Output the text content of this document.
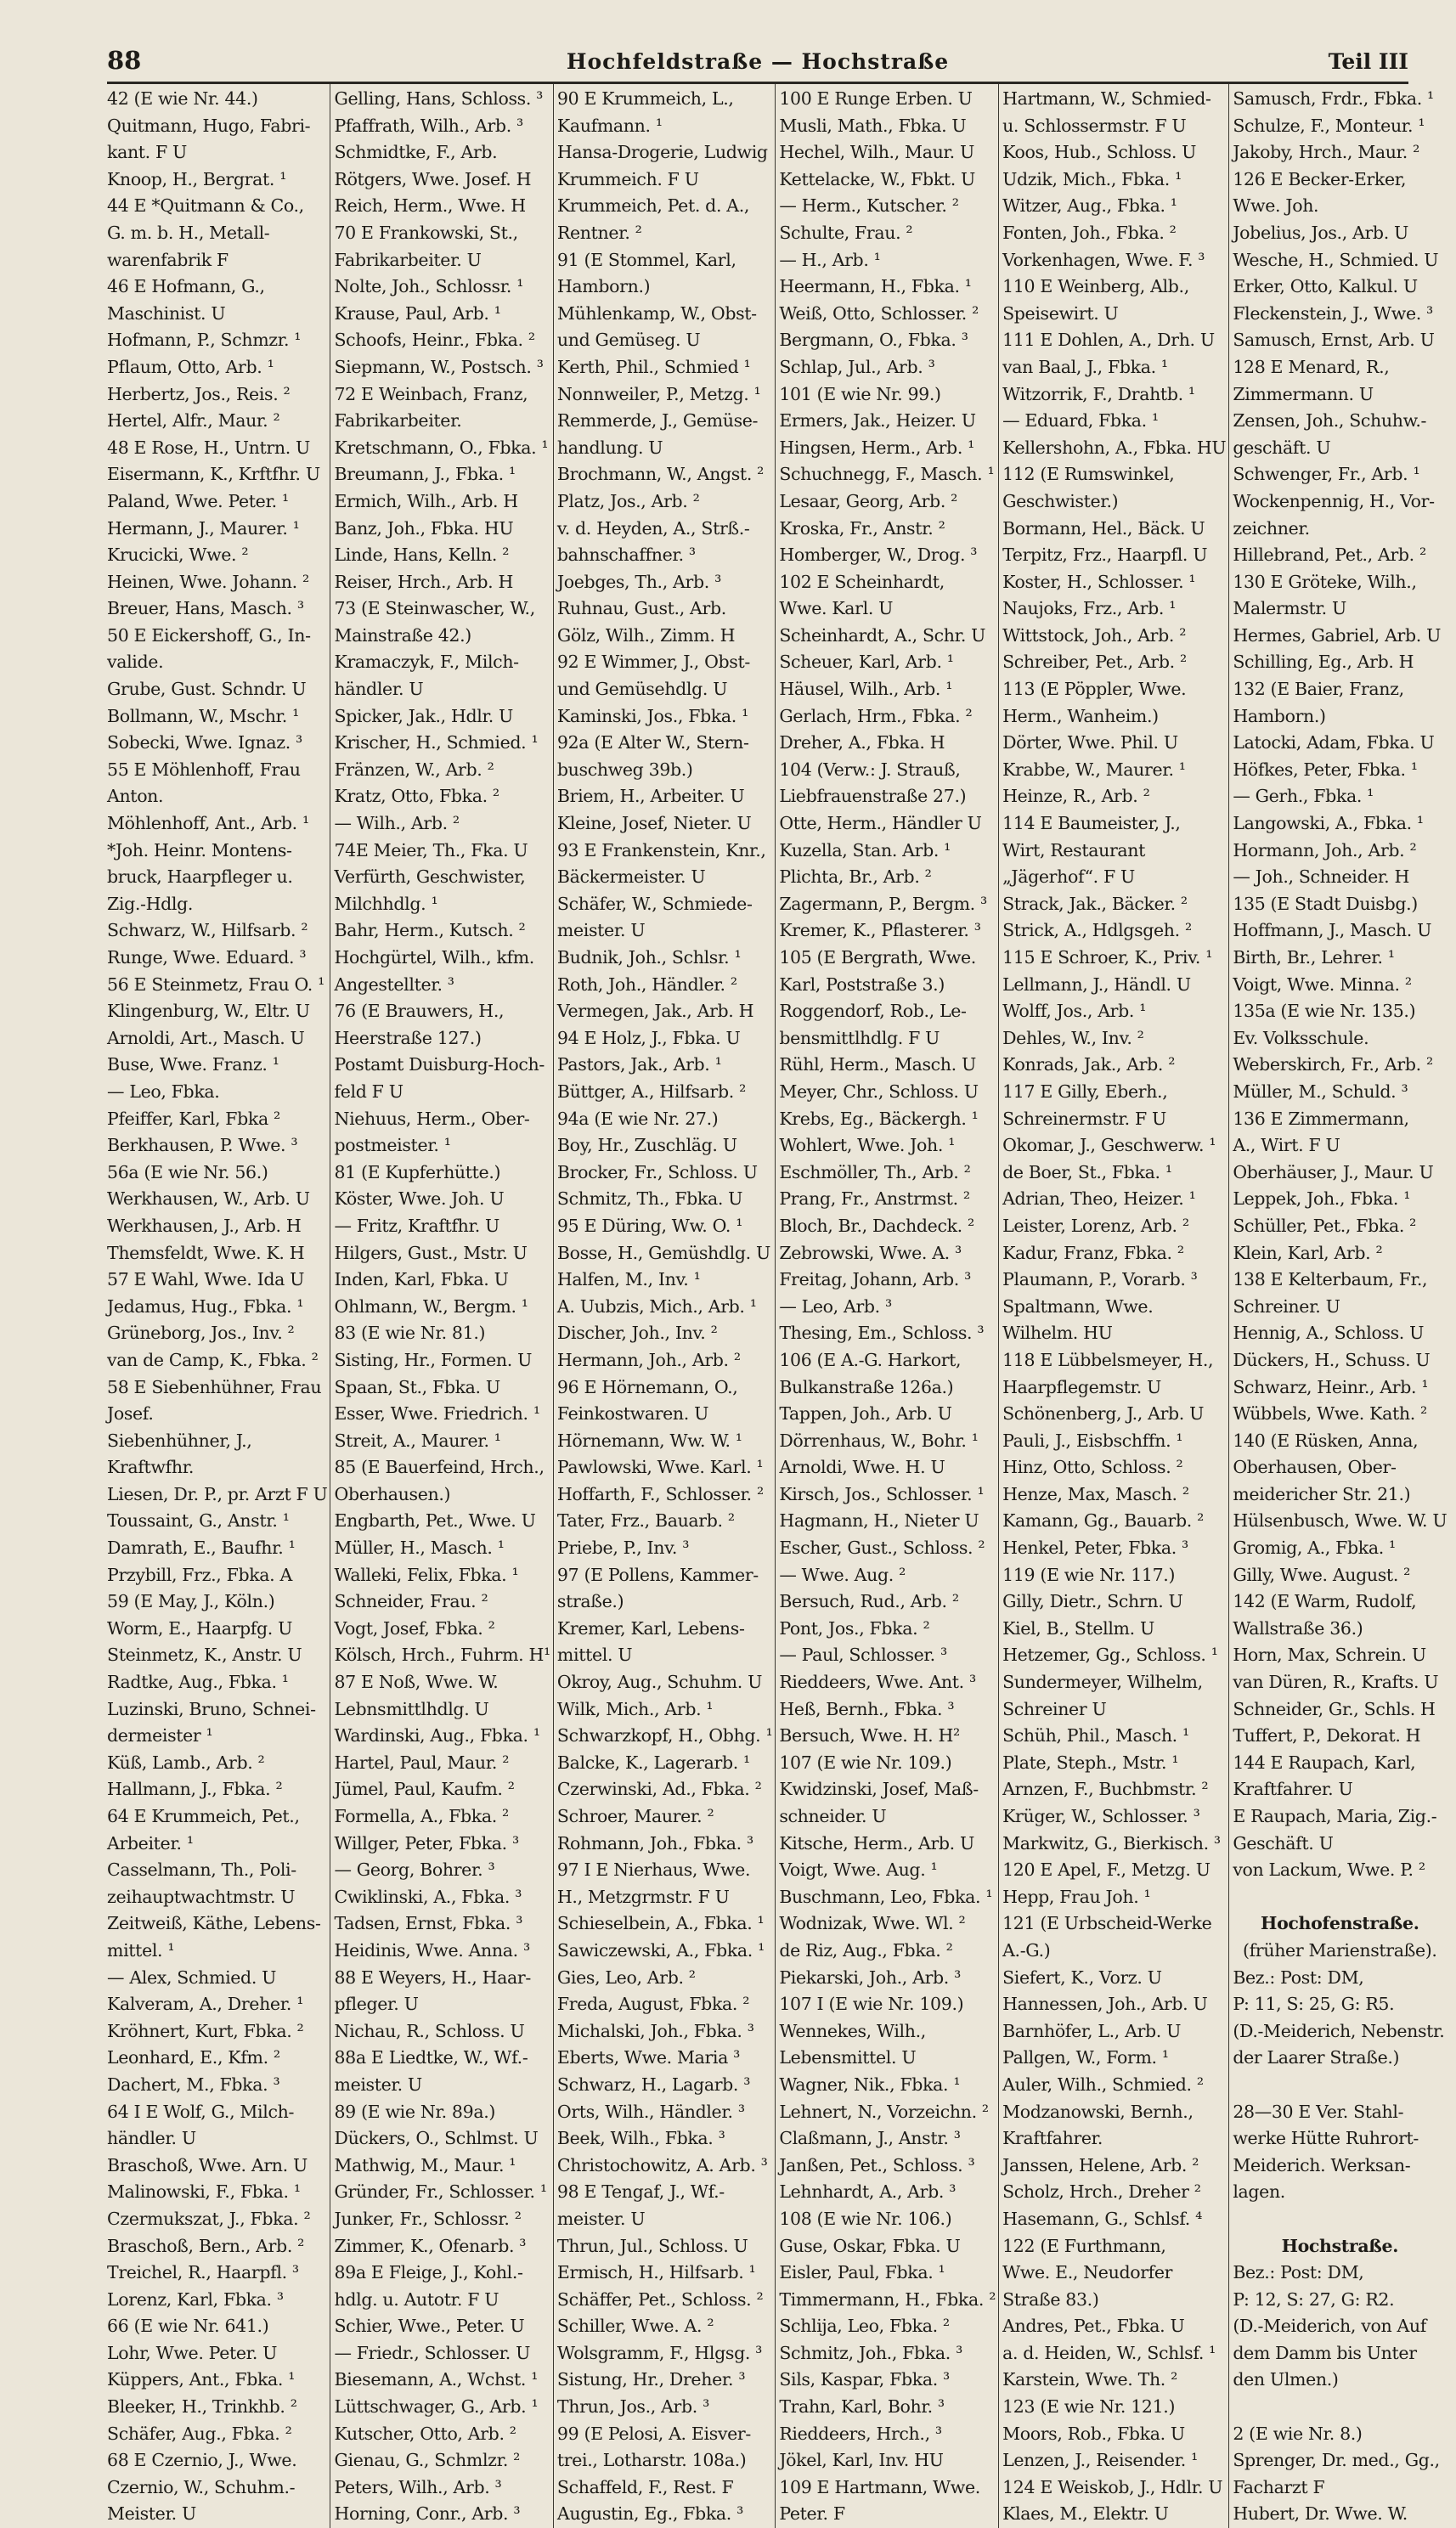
88	Hochfeldstraße — Hochstraße	Teil III
42 (E wie Nr. 44.)
Quitmann, Hugo, Fabri-
kant. F U
Knoop, H., Bergrat. ¹
44 E *Quitmann & Co.,
G. m. b. H., Metall-
warenfabrik F
46 E Hofmann, G.,
Maschinist. U
Hofmann, P., Schmzr. ¹
Pflaum, Otto, Arb. ¹
Herbertz, Jos., Reis. ²
Hertel, Alfr., Maur. ²
48 E Rose, H., Untrn. U
Eisermann, K., Krftfhr. U
Paland, Wwe. Peter. ¹
Hermann, J., Maurer. ¹
Krucicki, Wwe. ²
Heinen, Wwe. Johann. ²
Breuer, Hans, Masch. ³
50 E Eickershoff, G., In-
valide.
Grube, Gust. Schndr. U
Bollmann, W., Mschr. ¹
Sobecki, Wwe. Ignaz. ³
55 E Möhlenhoff, Frau
Anton.
Möhlenhoff, Ant., Arb. ¹
*Joh. Heinr. Montens-
bruck, Haarpfleger u.
Zig.-Hdlg.
Schwarz, W., Hilfsarb. ²
Runge, Wwe. Eduard. ³
56 E Steinmetz, Frau O. ¹
Klingenburg, W., Eltr. U
Arnoldi, Art., Masch. U
Buse, Wwe. Franz. ¹
— Leo, Fbka.
Pfeiffer, Karl, Fbka ²
Berkhausen, P. Wwe. ³
56a (E wie Nr. 56.)
Werkhausen, W., Arb. U
Werkhausen, J., Arb. H
Themsfeldt, Wwe. K. H
57 E Wahl, Wwe. Ida U
Jedamus, Hug., Fbka. ¹
Grüneborg, Jos., Inv. ²
van de Camp, K., Fbka. ²
58 E Siebenhühner, Frau
Josef.
Siebenhühner, J.,
Kraftwfhr.
Liesen, Dr. P., pr. Arzt F U
Toussaint, G., Anstr. ¹
Damrath, E., Baufhr. ¹
Przybill, Frz., Fbka. A
59 (E May, J., Köln.)
Worm, E., Haarpfg. U
Steinmetz, K., Anstr. U
Radtke, Aug., Fbka. ¹
Luzinski, Bruno, Schnei-
dermeister ¹
Küß, Lamb., Arb. ²
Hallmann, J., Fbka. ²
64 E Krummeich, Pet.,
Arbeiter. ¹
Casselmann, Th., Poli-
zeihauptwachtmstr. U
Zeitweiß, Käthe, Lebens-
mittel. ¹
— Alex, Schmied. U
Kalveram, A., Dreher. ¹
Kröhnert, Kurt, Fbka. ²
Leonhard, E., Kfm. ²
Dachert, M., Fbka. ³
64 I E Wolf, G., Milch-
händler. U
Braschoß, Wwe. Arn. U
Malinowski, F., Fbka. ¹
Czermukszat, J., Fbka. ²
Braschoß, Bern., Arb. ²
Treichel, R., Haarpfl. ³
Lorenz, Karl, Fbka. ³
66 (E wie Nr. 641.)
Lohr, Wwe. Peter. U
Küppers, Ant., Fbka. ¹
Bleeker, H., Trinkhb. ²
Schäfer, Aug., Fbka. ²
68 E Czernio, J., Wwe.
Czernio, W., Schuhm.-
Meister. U
Gelling, Hans, Schloss. ³
Pfaffrath, Wilh., Arb. ³
Schmidtke, F., Arb.
Rötgers, Wwe. Josef. H
Reich, Herm., Wwe. H
70 E Frankowski, St.,
Fabrikarbeiter. U
Nolte, Joh., Schlossr. ¹
Krause, Paul, Arb. ¹
Schoofs, Heinr., Fbka. ²
Siepmann, W., Postsch. ³
72 E Weinbach, Franz,
Fabrikarbeiter.
Kretschmann, O., Fbka. ¹
Breumann, J., Fbka. ¹
Ermich, Wilh., Arb. H
Banz, Joh., Fbka. HU
Linde, Hans, Kelln. ²
Reiser, Hrch., Arb. H
73 (E Steinwascher, W.,
Mainstraße 42.)
Kramaczyk, F., Milch-
händler. U
Spicker, Jak., Hdlr. U
Krischer, H., Schmied. ¹
Fränzen, W., Arb. ²
Kratz, Otto, Fbka. ²
— Wilh., Arb. ²
74E Meier, Th., Fka. U
Verfürth, Geschwister,
Milchhdlg. ¹
Bahr, Herm., Kutsch. ²
Hochgürtel, Wilh., kfm.
Angestellter. ³
76 (E Brauwers, H.,
Heerstraße 127.)
Postamt Duisburg-Hoch-
feld F U
Niehuus, Herm., Ober-
postmeister. ¹
81 (E Kupferhütte.)
Köster, Wwe. Joh. U
— Fritz, Kraftfhr. U
Hilgers, Gust., Mstr. U
Inden, Karl, Fbka. U
Ohlmann, W., Bergm. ¹
83 (E wie Nr. 81.)
Sisting, Hr., Formen. U
Spaan, St., Fbka. U
Esser, Wwe. Friedrich. ¹
Streit, A., Maurer. ¹
85 (E Bauerfeind, Hrch.,
Oberhausen.)
Engbarth, Pet., Wwe. U
Müller, H., Masch. ¹
Walleki, Felix, Fbka. ¹
Schneider, Frau. ²
Vogt, Josef, Fbka. ²
Kölsch, Hrch., Fuhrm. H¹
87 E Noß, Wwe. W.
Lebnsmittlhdlg. U
Wardinski, Aug., Fbka. ¹
Hartel, Paul, Maur. ²
Jümel, Paul, Kaufm. ²
Formella, A., Fbka. ²
Willger, Peter, Fbka. ³
— Georg, Bohrer. ³
Cwiklinski, A., Fbka. ³
Tadsen, Ernst, Fbka. ³
Heidinis, Wwe. Anna. ³
88 E Weyers, H., Haar-
pfleger. U
Nichau, R., Schloss. U
88a E Liedtke, W., Wf.-
meister. U
89 (E wie Nr. 89a.)
Dückers, O., Schlmst. U
Mathwig, M., Maur. ¹
Gründer, Fr., Schlosser. ¹
Junker, Fr., Schlossr. ²
Zimmer, K., Ofenarb. ³
89a E Fleige, J., Kohl.-
hdlg. u. Autotr. F U
Schier, Wwe., Peter. U
— Friedr., Schlosser. U
Biesemann, A., Wchst. ¹
Lüttschwager, G., Arb. ¹
Kutscher, Otto, Arb. ²
Gienau, G., Schmlzr. ²
Peters, Wilh., Arb. ³
Horning, Conr., Arb. ³
90 E Krummeich, L.,
Kaufmann. ¹
Hansa-Drogerie, Ludwig
Krummeich. F U
Krummeich, Pet. d. A.,
Rentner. ²
91 (E Stommel, Karl,
Hamborn.)
Mühlenkamp, W., Obst-
und Gemüseg. U
Kerth, Phil., Schmied ¹
Nonnweiler, P., Metzg. ¹
Remmerde, J., Gemüse-
handlung. U
Brochmann, W., Angst. ²
Platz, Jos., Arb. ²
v. d. Heyden, A., Strß.-
bahnschaffner. ³
Joebges, Th., Arb. ³
Ruhnau, Gust., Arb.
Gölz, Wilh., Zimm. H
92 E Wimmer, J., Obst-
und Gemüsehdlg. U
Kaminski, Jos., Fbka. ¹
92a (E Alter W., Stern-
buschweg 39b.)
Briem, H., Arbeiter. U
Kleine, Josef, Nieter. U
93 E Frankenstein, Knr.,
Bäckermeister. U
Schäfer, W., Schmiede-
meister. U
Budnik, Joh., Schlsr. ¹
Roth, Joh., Händler. ²
Vermegen, Jak., Arb. H
94 E Holz, J., Fbka. U
Pastors, Jak., Arb. ¹
Büttger, A., Hilfsarb. ²
94a (E wie Nr. 27.)
Boy, Hr., Zuschläg. U
Brocker, Fr., Schloss. U
Schmitz, Th., Fbka. U
95 E Düring, Ww. O. ¹
Bosse, H., Gemüshdlg. U
Halfen, M., Inv. ¹
A. Uubzis, Mich., Arb. ¹
Discher, Joh., Inv. ²
Hermann, Joh., Arb. ²
96 E Hörnemann, O.,
Feinkostwaren. U
Hörnemann, Ww. W. ¹
Pawlowski, Wwe. Karl. ¹
Hoffarth, F., Schlosser. ²
Tater, Frz., Bauarb. ²
Priebe, P., Inv. ³
97 (E Pollens, Kammer-
straße.)
Kremer, Karl, Lebens-
mittel. U
Okroy, Aug., Schuhm. U
Wilk, Mich., Arb. ¹
Schwarzkopf, H., Obhg. ¹
Balcke, K., Lagerarb. ¹
Czerwinski, Ad., Fbka. ²
Schroer, Maurer. ²
Rohmann, Joh., Fbka. ³
97 I E Nierhaus, Wwe.
H., Metzgrmstr. F U
Schieselbein, A., Fbka. ¹
Sawiczewski, A., Fbka. ¹
Gies, Leo, Arb. ²
Freda, August, Fbka. ²
Michalski, Joh., Fbka. ³
Eberts, Wwe. Maria ³
Schwarz, H., Lagarb. ³
Orts, Wilh., Händler. ³
Beek, Wilh., Fbka. ³
Christochowitz, A. Arb. ³
98 E Tengaf, J., Wf.-
meister. U
Thrun, Jul., Schloss. U
Ermisch, H., Hilfsarb. ¹
Schäffer, Pet., Schloss. ²
Schiller, Wwe. A. ²
Wolsgramm, F., Hlgsg. ³
Sistung, Hr., Dreher. ³
Thrun, Jos., Arb. ³
99 (E Pelosi, A. Eisver-
trei., Lotharstr. 108a.)
Schaffeld, F., Rest. F
Augustin, Eg., Fbka. ³
100 E Runge Erben. U
Musli, Math., Fbka. U
Hechel, Wilh., Maur. U
Kettelacke, W., Fbkt. U
— Herm., Kutscher. ²
Schulte, Frau. ²
— H., Arb. ¹
Heermann, H., Fbka. ¹
Weiß, Otto, Schlosser. ²
Bergmann, O., Fbka. ³
Schlap, Jul., Arb. ³
101 (E wie Nr. 99.)
Ermers, Jak., Heizer. U
Hingsen, Herm., Arb. ¹
Schuchnegg, F., Masch. ¹
Lesaar, Georg, Arb. ²
Kroska, Fr., Anstr. ²
Homberger, W., Drog. ³
102 E Scheinhardt,
Wwe. Karl. U
Scheinhardt, A., Schr. U
Scheuer, Karl, Arb. ¹
Häusel, Wilh., Arb. ¹
Gerlach, Hrm., Fbka. ²
Dreher, A., Fbka. H
104 (Verw.: J. Strauß,
Liebfrauenstraße 27.)
Otte, Herm., Händler U
Kuzella, Stan. Arb. ¹
Plichta, Br., Arb. ²
Zagermann, P., Bergm. ³
Kremer, K., Pflasterer. ³
105 (E Bergrath, Wwe.
Karl, Poststraße 3.)
Roggendorf, Rob., Le-
bensmittlhdlg. F U
Rühl, Herm., Masch. U
Meyer, Chr., Schloss. U
Krebs, Eg., Bäckergh. ¹
Wohlert, Wwe. Joh. ¹
Eschmöller, Th., Arb. ²
Prang, Fr., Anstrmst. ²
Bloch, Br., Dachdeck. ²
Zebrowski, Wwe. A. ³
Freitag, Johann, Arb. ³
— Leo, Arb. ³
Thesing, Em., Schloss. ³
106 (E A.-G. Harkort,
Bulkanstraße 126a.)
Tappen, Joh., Arb. U
Dörrenhaus, W., Bohr. ¹
Arnoldi, Wwe. H. U
Kirsch, Jos., Schlosser. ¹
Hagmann, H., Nieter U
Escher, Gust., Schloss. ²
— Wwe. Aug. ²
Bersuch, Rud., Arb. ²
Pont, Jos., Fbka. ²
— Paul, Schlosser. ³
Rieddeers, Wwe. Ant. ³
Heß, Bernh., Fbka. ³
Bersuch, Wwe. H. H²
107 (E wie Nr. 109.)
Kwidzinski, Josef, Maß-
schneider. U
Kitsche, Herm., Arb. U
Voigt, Wwe. Aug. ¹
Buschmann, Leo, Fbka. ¹
Wodnizak, Wwe. Wl. ²
de Riz, Aug., Fbka. ²
Piekarski, Joh., Arb. ³
107 I (E wie Nr. 109.)
Wennekes, Wilh.,
Lebensmittel. U
Wagner, Nik., Fbka. ¹
Lehnert, N., Vorzeichn. ²
Claßmann, J., Anstr. ³
Janßen, Pet., Schloss. ³
Lehnhardt, A., Arb. ³
108 (E wie Nr. 106.)
Guse, Oskar, Fbka. U
Eisler, Paul, Fbka. ¹
Timmermann, H., Fbka. ²
Schlija, Leo, Fbka. ²
Schmitz, Joh., Fbka. ³
Sils, Kaspar, Fbka. ³
Trahn, Karl, Bohr. ³
Rieddeers, Hrch., ³
Jökel, Karl, Inv. HU
109 E Hartmann, Wwe.
Peter. F
Hartmann, W., Schmied-
u. Schlossermstr. F U
Koos, Hub., Schloss. U
Udzik, Mich., Fbka. ¹
Witzer, Aug., Fbka. ¹
Fonten, Joh., Fbka. ²
Vorkenhagen, Wwe. F. ³
110 E Weinberg, Alb.,
Speisewirt. U
111 E Dohlen, A., Drh. U
van Baal, J., Fbka. ¹
Witzorrik, F., Drahtb. ¹
— Eduard, Fbka. ¹
Kellershohn, A., Fbka. HU
112 (E Rumswinkel,
Geschwister.)
Bormann, Hel., Bäck. U
Terpitz, Frz., Haarpfl. U
Koster, H., Schlosser. ¹
Naujoks, Frz., Arb. ¹
Wittstock, Joh., Arb. ²
Schreiber, Pet., Arb. ²
113 (E Pöppler, Wwe.
Herm., Wanheim.)
Dörter, Wwe. Phil. U
Krabbe, W., Maurer. ¹
Heinze, R., Arb. ²
114 E Baumeister, J.,
Wirt, Restaurant
„Jägerhof“. F U
Strack, Jak., Bäcker. ²
Strick, A., Hdlgsgeh. ²
115 E Schroer, K., Priv. ¹
Lellmann, J., Händl. U
Wolff, Jos., Arb. ¹
Dehles, W., Inv. ²
Konrads, Jak., Arb. ²
117 E Gilly, Eberh.,
Schreinermstr. F U
Okomar, J., Geschwerw. ¹
de Boer, St., Fbka. ¹
Adrian, Theo, Heizer. ¹
Leister, Lorenz, Arb. ²
Kadur, Franz, Fbka. ²
Plaumann, P., Vorarb. ³
Spaltmann, Wwe.
Wilhelm. HU
118 E Lübbelsmeyer, H.,
Haarpflegemstr. U
Schönenberg, J., Arb. U
Pauli, J., Eisbschffn. ¹
Hinz, Otto, Schloss. ²
Henze, Max, Masch. ²
Kamann, Gg., Bauarb. ²
Henkel, Peter, Fbka. ³
119 (E wie Nr. 117.)
Gilly, Dietr., Schrn. U
Kiel, B., Stellm. U
Hetzemer, Gg., Schloss. ¹
Sundermeyer, Wilhelm,
Schreiner U
Schüh, Phil., Masch. ¹
Plate, Steph., Mstr. ¹
Arnzen, F., Buchbmstr. ²
Krüger, W., Schlosser. ³
Markwitz, G., Bierkisch. ³
120 E Apel, F., Metzg. U
Hepp, Frau Joh. ¹
121 (E Urbscheid-Werke
A.-G.)
Siefert, K., Vorz. U
Hannessen, Joh., Arb. U
Barnhöfer, L., Arb. U
Pallgen, W., Form. ¹
Auler, Wilh., Schmied. ²
Modzanowski, Bernh.,
Kraftfahrer.
Janssen, Helene, Arb. ²
Scholz, Hrch., Dreher ²
Hasemann, G., Schlsf. ⁴
122 (E Furthmann,
Wwe. E., Neudorfer
Straße 83.)
Andres, Pet., Fbka. U
a. d. Heiden, W., Schlsf. ¹
Karstein, Wwe. Th. ²
123 (E wie Nr. 121.)
Moors, Rob., Fbka. U
Lenzen, J., Reisender. ¹
124 E Weiskob, J., Hdlr. U
Klaes, M., Elektr. U
Samusch, Frdr., Fbka. ¹
Schulze, F., Monteur. ¹
Jakoby, Hrch., Maur. ²
126 E Becker-Erker,
Wwe. Joh.
Jobelius, Jos., Arb. U
Wesche, H., Schmied. U
Erker, Otto, Kalkul. U
Fleckenstein, J., Wwe. ³
Samusch, Ernst, Arb. U
128 E Menard, R.,
Zimmermann. U
Zensen, Joh., Schuhw.-
geschäft. U
Schwenger, Fr., Arb. ¹
Wockenpennig, H., Vor-
zeichner.
Hillebrand, Pet., Arb. ²
130 E Gröteke, Wilh.,
Malermstr. U
Hermes, Gabriel, Arb. U
Schilling, Eg., Arb. H
132 (E Baier, Franz,
Hamborn.)
Latocki, Adam, Fbka. U
Höfkes, Peter, Fbka. ¹
— Gerh., Fbka. ¹
Langowski, A., Fbka. ¹
Hormann, Joh., Arb. ²
— Joh., Schneider. H
135 (E Stadt Duisbg.)
Hoffmann, J., Masch. U
Birth, Br., Lehrer. ¹
Voigt, Wwe. Minna. ²
135a (E wie Nr. 135.)
Ev. Volksschule.
Weberskirch, Fr., Arb. ²
Müller, M., Schuld. ³
136 E Zimmermann,
A., Wirt. F U
Oberhäuser, J., Maur. U
Leppek, Joh., Fbka. ¹
Schüller, Pet., Fbka. ²
Klein, Karl, Arb. ²
138 E Kelterbaum, Fr.,
Schreiner. U
Hennig, A., Schloss. U
Dückers, H., Schuss. U
Schwarz, Heinr., Arb. ¹
Wübbels, Wwe. Kath. ²
140 (E Rüsken, Anna,
Oberhausen, Ober-
meidericher Str. 21.)
Hülsenbusch, Wwe. W. U
Gromig, A., Fbka. ¹
Gilly, Wwe. August. ²
142 (E Warm, Rudolf,
Wallstraße 36.)
Horn, Max, Schrein. U
van Düren, R., Krafts. U
Schneider, Gr., Schls. H
Tuffert, P., Dekorat. H
144 E Raupach, Karl,
Kraftfahrer. U
E Raupach, Maria, Zig.-
Geschäft. U
von Lackum, Wwe. P. ²

Hochofenstraße.
(früher Marienstraße).
Bez.: Post: DM,
P: 11, S: 25, G: R5.
(D.-Meiderich, Nebenstr.
der Laarer Straße.)

28—30 E Ver. Stahl-
werke Hütte Ruhrort-
Meiderich. Werksan-
lagen.

Hochstraße.
Bez.: Post: DM,
P: 12, S: 27, G: R2.
(D.-Meiderich, von Auf
dem Damm bis Unter
den Ulmen.)

2 (E wie Nr. 8.)
Sprenger, Dr. med., Gg.,
Facharzt F
Hubert, Dr. Wwe. W.
